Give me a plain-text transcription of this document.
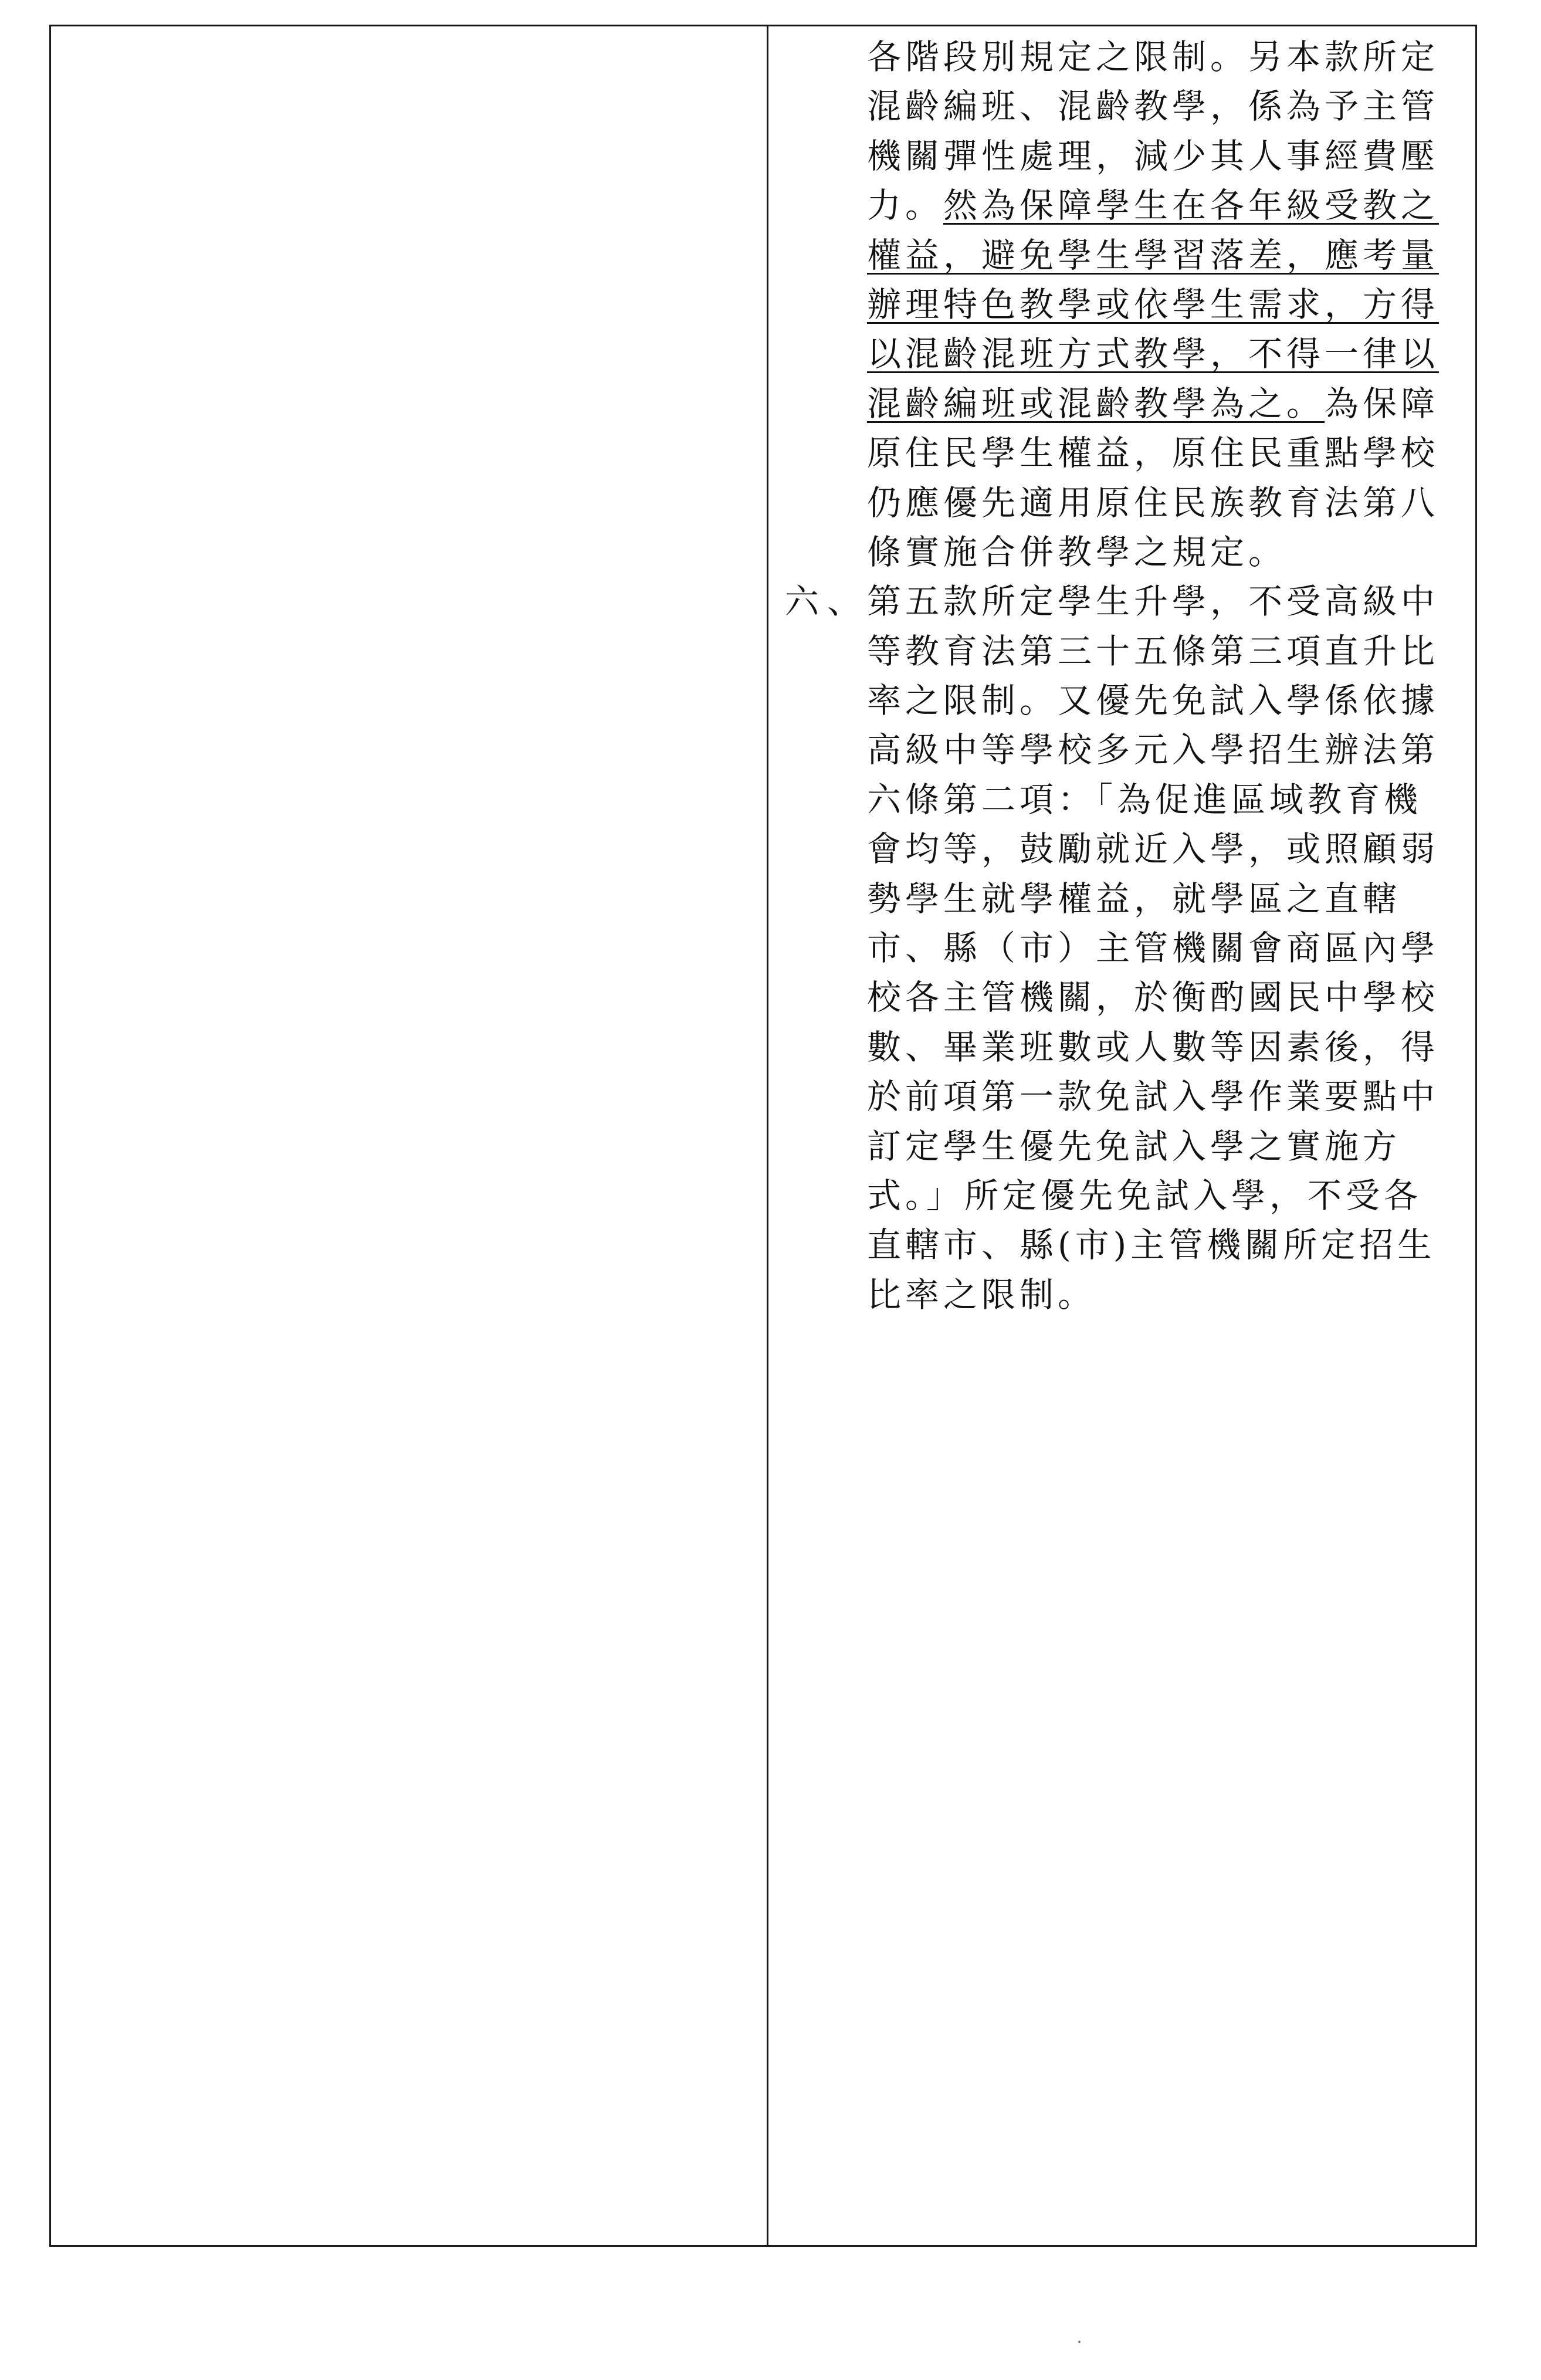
各階段別規定之限制。另本款所定
混齡編班、混齡教學，係為予主管
機關彈性處理，減少其人事經費壓
力。然為保障學生在各年級受教之
權益，避免學生學習落差，應考量
辦理特色教學或依學生需求，方得
以混齡混班方式教學，不得一律以
混齡編班或混齡教學為之。為保障
原住民學生權益，原住民重點學校
仍應優先適用原住民族教育法第八
條實施合併教學之規定。
第五款所定學生升學，不受高級中
等教育法第三十五條第三項直升比
率之限制。又優先免試入學係依據
高級中等學校多元入學招生辦法第
六條第二項：「為促進區域教育機
會均等，鼓勵就近入學，或照顧弱
勢學生就學權益，就學區之直轄
市、縣（市）主管機關會商區內學
校各主管機關，於衡酌國民中學校
數、畢業班數或人數等因素後，得
於前項第一款免試入學作業要點中
訂定學生優先免試入學之實施方
式。」所定優先免試入學，不受各
直轄市、縣(市)主管機關所定招生
比率之限制。
六、
